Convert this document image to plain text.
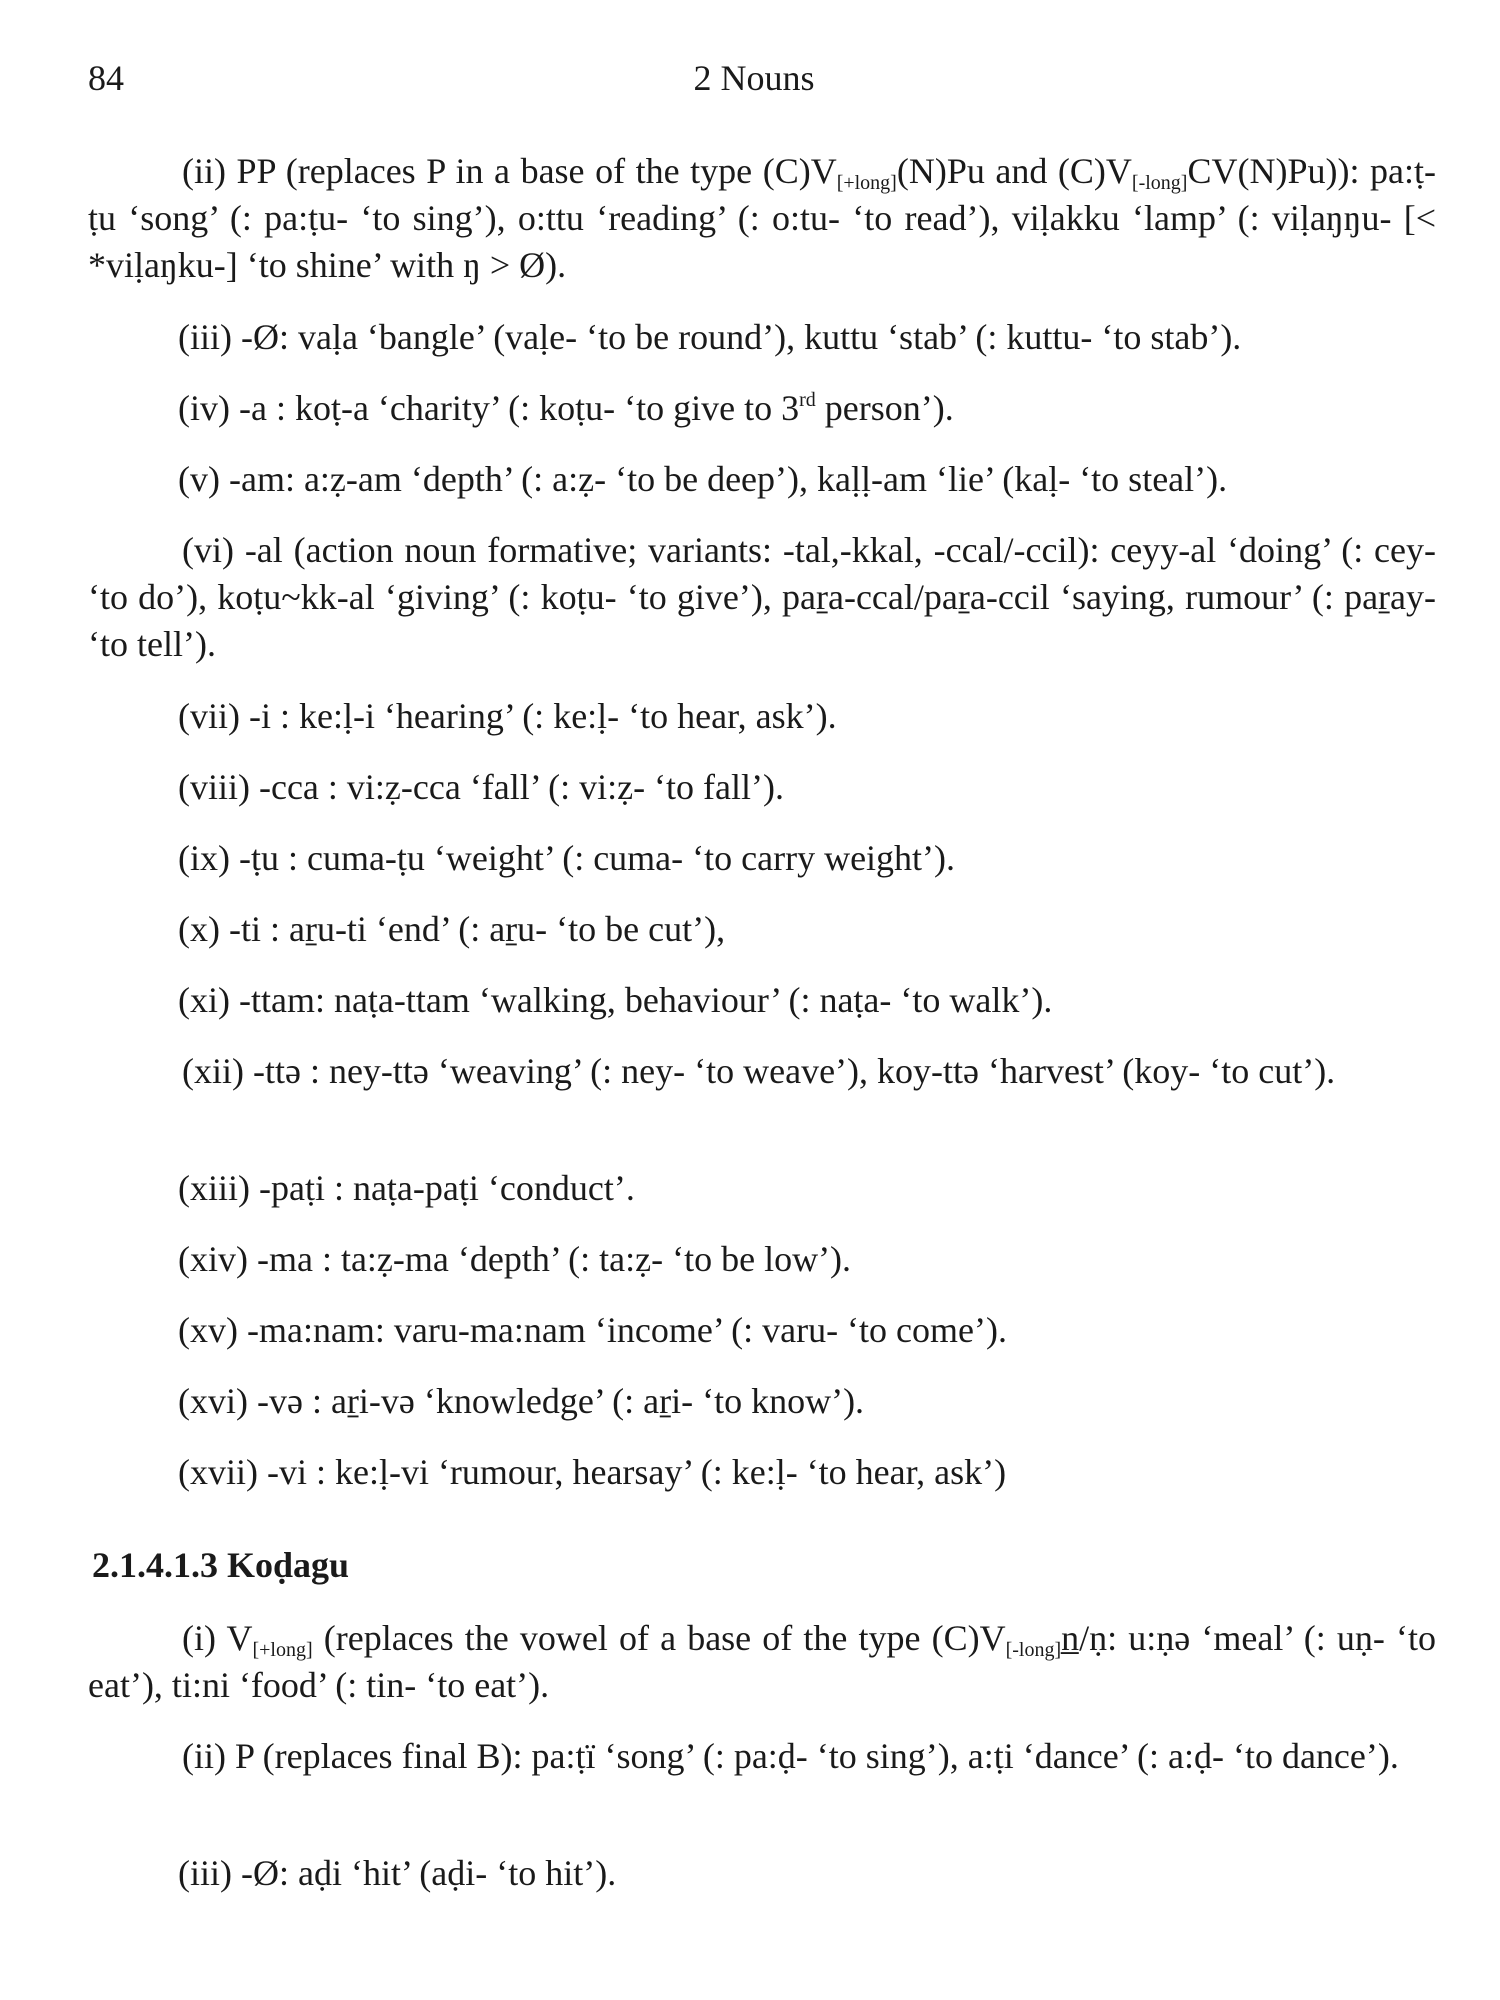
84	2 Nouns

(ii) PP (replaces P in a base of the type $(C)V_{[+long]}(N)Pu$ and $(C)V_{[-long]}CV(N)Pu$)): pa:ṭ-ṭu ‘song’ (: pa:ṭu- ‘to sing’), o:ttu ‘reading’ (: o:tu- ‘to read’), viḷakku ‘lamp’ (: viḷaŋŋu- [< *viḷaŋku-] ‘to shine’ with ŋ > Ø).

(iii) -Ø: vaḷa ‘bangle’ (vaḷe- ‘to be round’), kuttu ‘stab’ (: kuttu- ‘to stab’).

(iv) -a : koṭ-a ‘charity’ (: koṭu- ‘to give to 3rd person’).

(v) -am: a:ẓ-am ‘depth’ (: a:ẓ- ‘to be deep’), kaḷḷ-am ‘lie’ (kaḷ- ‘to steal’).

(vi) -al (action noun formative; variants: -tal,-kkal, -ccal/-ccil): ceyy-al ‘doing’ (: cey- ‘to do’), koṭu~kk-al ‘giving’ (: koṭu- ‘to give’), paṟa-ccal/paṟa-ccil ‘saying, rumour’ (: paṟay- ‘to tell’).

(vii) -i : ke:ḷ-i ‘hearing’ (: ke:ḷ- ‘to hear, ask’).

(viii) -cca : vi:ẓ-cca ‘fall’ (: vi:ẓ- ‘to fall’).

(ix) -ṭu : cuma-ṭu ‘weight’ (: cuma- ‘to carry weight’).

(x) -ti : aṟu-ti ‘end’ (: aṟu- ‘to be cut’),

(xi) -ttam: naṭa-ttam ‘walking, behaviour’ (: naṭa- ‘to walk’).

(xii) -ttə : ney-ttə ‘weaving’ (: ney- ‘to weave’), koy-ttə ‘harvest’ (koy- ‘to cut’).

(xiii) -paṭi : naṭa-paṭi ‘conduct’.

(xiv) -ma : ta:ẓ-ma ‘depth’ (: ta:ẓ- ‘to be low’).

(xv) -ma:nam: varu-ma:nam ‘income’ (: varu- ‘to come’).

(xvi) -və : aṟi-və ‘knowledge’ (: aṟi- ‘to know’).

(xvii) -vi : ke:ḷ-vi ‘rumour, hearsay’ (: ke:ḷ- ‘to hear, ask’)

2.1.4.1.3 Koḍagu

(i) $V_{[+long]}$ (replaces the vowel of a base of the type $(C)V_{[-long]}n̲/ṇ$: u:ṇə ‘meal’ (: uṇ- ‘to eat’), ti:ni ‘food’ (: tin- ‘to eat’).

(ii) P (replaces final B): pa:ṭï ‘song’ (: pa:ḍ- ‘to sing’), a:ṭi ‘dance’ (: a:ḍ- ‘to dance’).

(iii) -Ø: aḍi ‘hit’ (aḍi- ‘to hit’).
